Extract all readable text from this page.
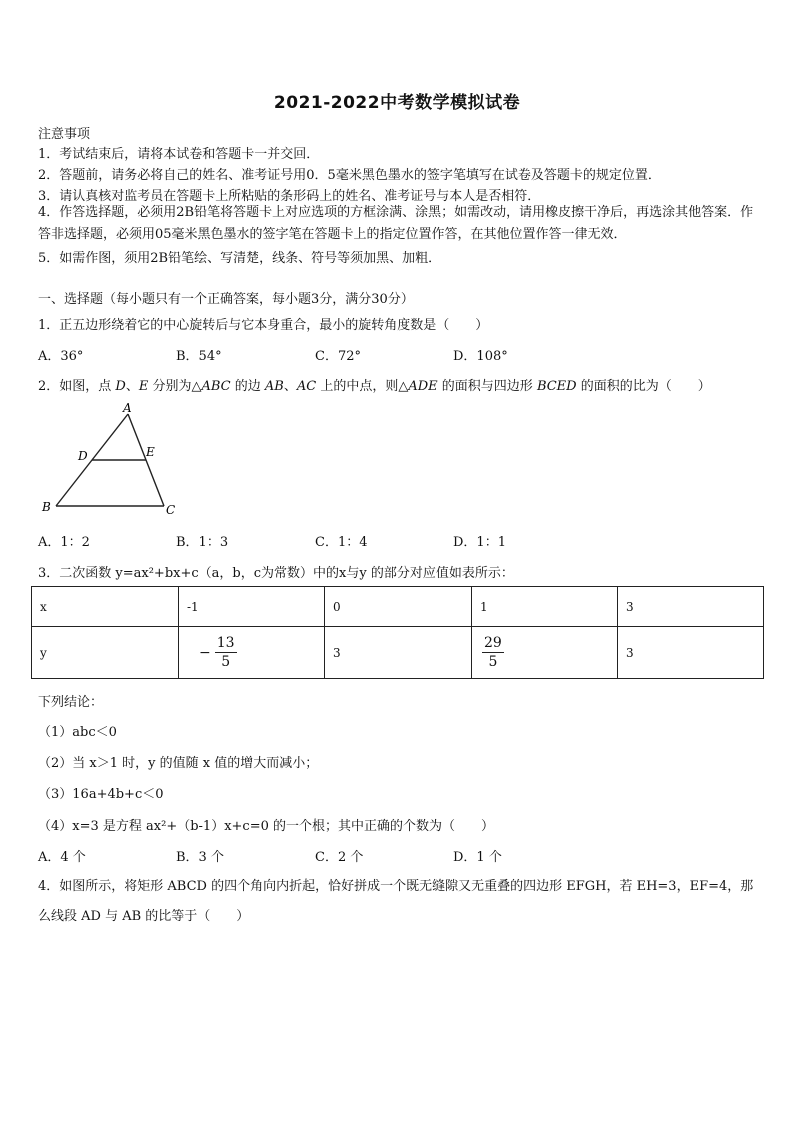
2021-2022中考数学模拟试卷
注意事项
1．考试结束后，请将本试卷和答题卡一并交回．
2．答题前，请务必将自己的姓名、准考证号用0．5毫米黑色墨水的签字笔填写在试卷及答题卡的规定位置．
3．请认真核对监考员在答题卡上所粘贴的条形码上的姓名、准考证号与本人是否相符．
4．作答选择题，必须用2B铅笔将答题卡上对应选项的方框涂满、涂黑；如需改动，请用橡皮擦干净后，再选涂其他答案．作答非选择题，必须用05毫米黑色墨水的签字笔在答题卡上的指定位置作答，在其他位置作答一律无效．
5．如需作图，须用2B铅笔绘、写清楚，线条、符号等须加黑、加粗．
一、选择题（每小题只有一个正确答案，每小题3分，满分30分）
1．正五边形绕着它的中心旋转后与它本身重合，最小的旋转角度数是（　　）
A．36°	B．54°	C．72°	D．108°
2．如图，点 D、E 分别为△ABC 的边 AB、AC 上的中点，则△ADE 的面积与四边形 BCED 的面积的比为（　　）
A
D	E
B	C
A．1：2	B．1：3	C．1：4	D．1：1
3．二次函数 y=ax²+bx+c（a，b，c为常数）中的x与y 的部分对应值如表所示：
x	-1	0	1	3
y	− $\frac{13}{5}$	3	$\frac{29}{5}$	3
下列结论：
（1）abc＜0
（2）当 x＞1 时，y 的值随 x 值的增大而减小；
（3）16a+4b+c＜0
（4）x=3 是方程 ax²+（b-1）x+c=0 的一个根；其中正确的个数为（　　）
A．4 个	B．3 个	C．2 个	D．1 个
4．如图所示，将矩形 ABCD 的四个角向内折起，恰好拼成一个既无缝隙又无重叠的四边形 EFGH，若 EH=3，EF=4，那么线段 AD 与 AB 的比等于（　　）
